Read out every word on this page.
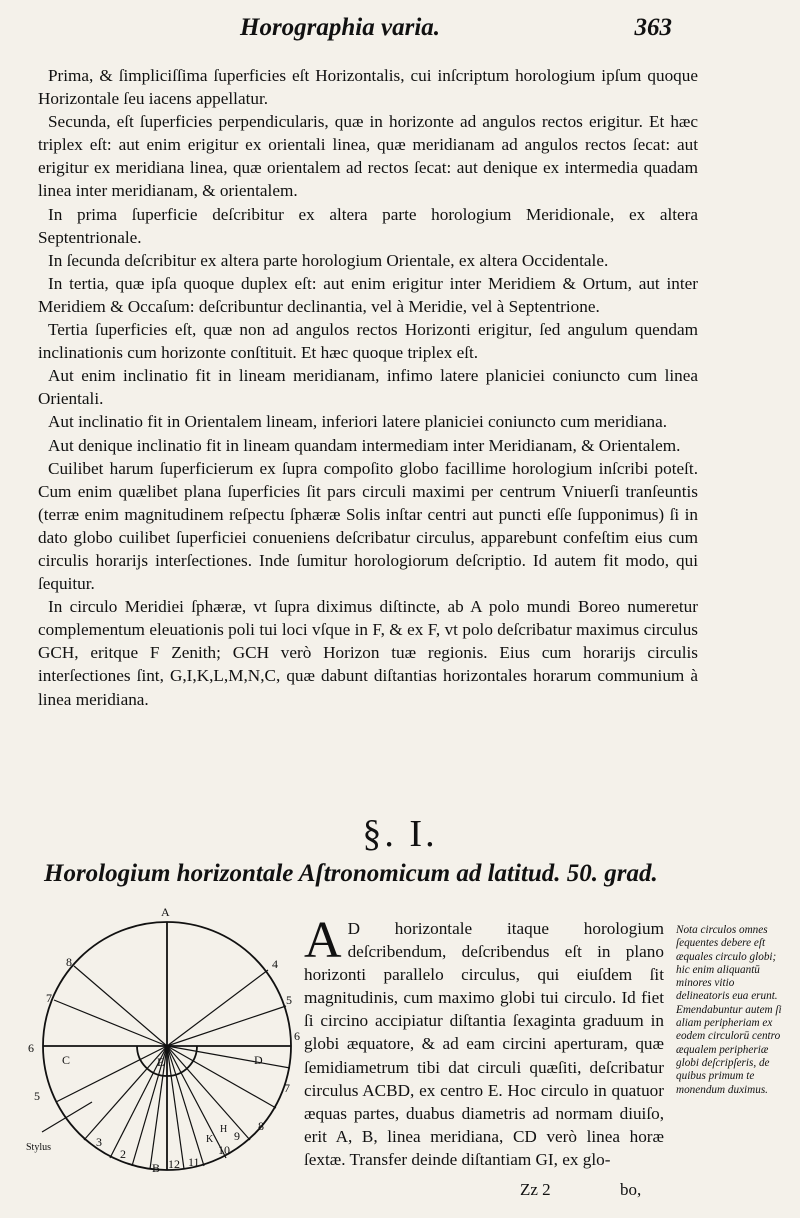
Horographia varia.	363

Prima, & ſimpliciſſima ſuperficies eſt Horizontalis, cui inſcriptum horologium ipſum quoque Horizontale ſeu iacens appellatur.

Secunda, eſt ſuperficies perpendicularis, quæ in horizonte ad angulos rectos erigitur. Et hæc triplex eſt: aut enim erigitur ex orientali linea, quæ meridianam ad angulos rectos ſecat: aut erigitur ex meridiana linea, quæ orientalem ad rectos ſecat: aut denique ex intermedia quadam linea inter meridianam, & orientalem.

In prima ſuperficie deſcribitur ex altera parte horologium Meridionale, ex altera Septentrionale.

In ſecunda deſcribitur ex altera parte horologium Orientale, ex altera Occidentale.

In tertia, quæ ipſa quoque duplex eſt: aut enim erigitur inter Meridiem & Ortum, aut inter Meridiem & Occaſum: deſcribuntur declinantia, vel à Meridie, vel à Septentrione.

Tertia ſuperficies eſt, quæ non ad angulos rectos Horizonti erigitur, ſed angulum quendam inclinationis cum horizonte conſtituit. Et hæc quoque triplex eſt.

Aut enim inclinatio fit in lineam meridianam, infimo latere planiciei coniuncto cum linea Orientali.

Aut inclinatio fit in Orientalem lineam, inferiori latere planiciei coniuncto cum meridiana.

Aut denique inclinatio fit in lineam quandam intermediam inter Meridianam, & Orientalem.

Cuilibet harum ſuperficierum ex ſupra compoſito globo facillime horologium inſcribi poteſt. Cum enim quælibet plana ſuperficies ſit pars circuli maximi per centrum Vniuerſi tranſeuntis (terræ enim magnitudinem reſpectu ſphæræ Solis inſtar centri aut puncti eſſe ſupponimus) ſi in dato globo cuilibet ſuperficiei conueniens deſcribatur circulus, apparebunt confeſtim eius cum circulis horarijs interſectiones. Inde ſumitur horologiorum deſcriptio. Id autem fit modo, qui ſequitur.

In circulo Meridiei ſphæræ, vt ſupra diximus diſtincte, ab A polo mundi Boreo numeretur complementum eleuationis poli tui loci vſque in F, & ex F, vt polo deſcribatur maximus circulus GCH, eritque F Zenith; GCH verò Horizon tuæ regionis. Eius cum horarijs circulis interſectiones ſint, G,I,K,L,M,N,C, quæ dabunt diſtantias horizontales horarum communium à linea meridiana.

§. I.
Horologium horizontale Aſtronomicum ad latitud. 50. grad.
A
E
C	D
8
7
4
5
6
6
5
7
Stylus	3
2
12 11
10
9
8
B
H
K
A D horizontale itaque horologium deſcribendum, deſcribendus eſt in plano horizonti parallelo circulus, qui eiuſdem ſit magnitudinis, cum maximo globi tui circulo. Id fiet ſi circino accipiatur diſtantia ſexaginta graduum in globi æquatore, & ad eam circini aperturam, quæ ſemidiametrum tibi dat circuli quæſiti, deſcribatur circulus ACBD, ex centro E. Hoc circulo in quatuor æquas partes, duabus diametris ad normam diuiſo, erit A, B, linea meridiana, CD verò linea horæ ſextæ. Transfer deinde diſtantiam GI, ex glo-

Nota circulos omnes ſequentes debere eſt æquales circulo globi; hic enim aliquantū minores vitio delineatoris eua erunt. Emendabuntur autem ſi aliam peripheriam ex eodem circulorū centro æqualem peripheriæ globi deſcripſeris, de quibus primum te monendum duximus.
Zz 2	bo,
